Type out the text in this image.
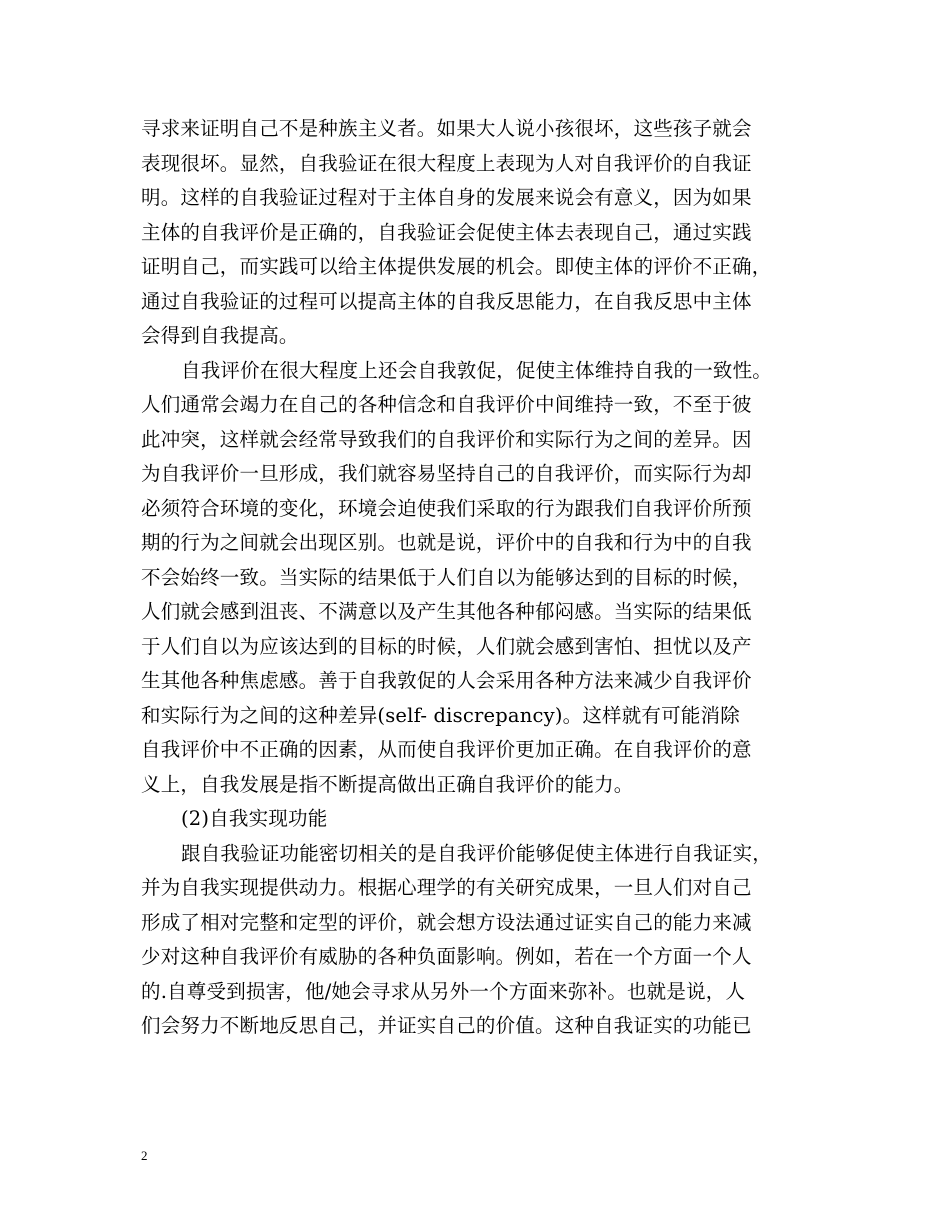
寻求来证明自己不是种族主义者。如果大人说小孩很坏，这些孩子就会
表现很坏。显然，自我验证在很大程度上表现为人对自我评价的自我证
明。这样的自我验证过程对于主体自身的发展来说会有意义，因为如果
主体的自我评价是正确的，自我验证会促使主体去表现自己，通过实践
证明自己，而实践可以给主体提供发展的机会。即使主体的评价不正确，
通过自我验证的过程可以提高主体的自我反思能力，在自我反思中主体
会得到自我提高。
自我评价在很大程度上还会自我敦促，促使主体维持自我的一致性。
人们通常会竭力在自己的各种信念和自我评价中间维持一致，不至于彼
此冲突，这样就会经常导致我们的自我评价和实际行为之间的差异。因
为自我评价一旦形成，我们就容易坚持自己的自我评价，而实际行为却
必须符合环境的变化，环境会迫使我们采取的行为跟我们自我评价所预
期的行为之间就会出现区别。也就是说，评价中的自我和行为中的自我
不会始终一致。当实际的结果低于人们自以为能够达到的目标的时候，
人们就会感到沮丧、不满意以及产生其他各种郁闷感。当实际的结果低
于人们自以为应该达到的目标的时候，人们就会感到害怕、担忧以及产
生其他各种焦虑感。善于自我敦促的人会采用各种方法来减少自我评价
和实际行为之间的这种差异(self- discrepancy)。这样就有可能消除
自我评价中不正确的因素，从而使自我评价更加正确。在自我评价的意
义上，自我发展是指不断提高做出正确自我评价的能力。
(2)自我实现功能
跟自我验证功能密切相关的是自我评价能够促使主体进行自我证实，
并为自我实现提供动力。根据心理学的有关研究成果，一旦人们对自己
形成了相对完整和定型的评价，就会想方设法通过证实自己的能力来减
少对这种自我评价有威胁的各种负面影响。例如，若在一个方面一个人
的.自尊受到损害，他/她会寻求从另外一个方面来弥补。也就是说，人
们会努力不断地反思自己，并证实自己的价值。这种自我证实的功能已
2
